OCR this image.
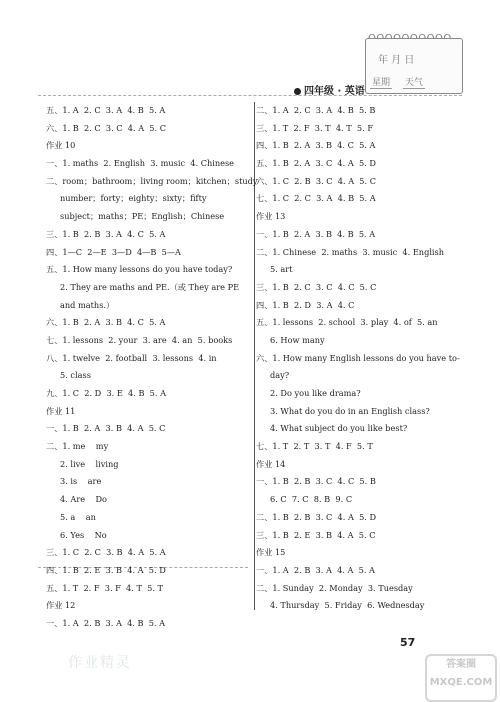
年 月 日
星期 天气
四年级 · 英语
五、1. A  2. C  3. A  4. B  5. A
六、1. B  2. C  3. C  4. A  5. C
作业 10
一、1. maths  2. English  3. music  4. Chinese
二、room；bathroom；living room；kitchen；study
number；forty；eighty；sixty；fifty
subject；maths；PE；English；Chinese
三、1. B  2. B  3. A  4. C  5. A
四、1—C  2—E  3—D  4—B  5—A
五、1. How many lessons do you have today?
2. They are maths and PE.（或 They are PE
and maths.）
六、1. B  2. A  3. B  4. C  5. A
七、1. lessons  2. your  3. are  4. an  5. books
八、1. twelve  2. football  3. lessons  4. in
5. class
九、1. C  2. D  3. E  4. B  5. A
作业 11
一、1. B  2. A  3. B  4. A  5. C
二、1. me    my
2. live    living
3. is    are
4. Are    Do
5. a    an
6. Yes    No
三、1. C  2. C  3. B  4. A  5. A
四、1. B  2. E  3. B  4. A  5. D
五、1. T  2. F  3. F  4. T  5. T
作业 12
一、1. A  2. B  3. A  4. B  5. A
二、1. A  2. C  3. A  4. B  5. B
三、1. T  2. F  3. T  4. T  5. F
四、1. B  2. A  3. B  4. C  5. A
五、1. B  2. A  3. C  4. A  5. D
六、1. C  2. B  3. C  4. A  5. C
七、1. C  2. C  3. A  4. B  5. A
作业 13
一、1. B  2. A  3. B  4. B  5. A
二、1. Chinese  2. maths  3. music  4. English
5. art
三、1. B  2. C  3. C  4. C  5. C
四、1. B  2. D  3. A  4. C
五、1. lessons  2. school  3. play  4. of  5. an
6. How many
六、1. How many English lessons do you have to-
day?
2. Do you like drama?
3. What do you do in an English class?
4. What subject do you like best?
七、1. T  2. T  3. T  4. F  5. T
作业 14
一、1. B  2. B  3. C  4. C  5. B
6. C  7. C  8. B  9. C
二、1. B  2. B  3. C  4. A  5. D
三、1. B  2. E  3. B  4. A  5. C
作业 15
一、1. A  2. B  3. A  4. A  5. A
二、1. Sunday  2. Monday  3. Tuesday
4. Thursday  5. Friday  6. Wednesday
57
作业精灵	答案圈 MXQE.COM
